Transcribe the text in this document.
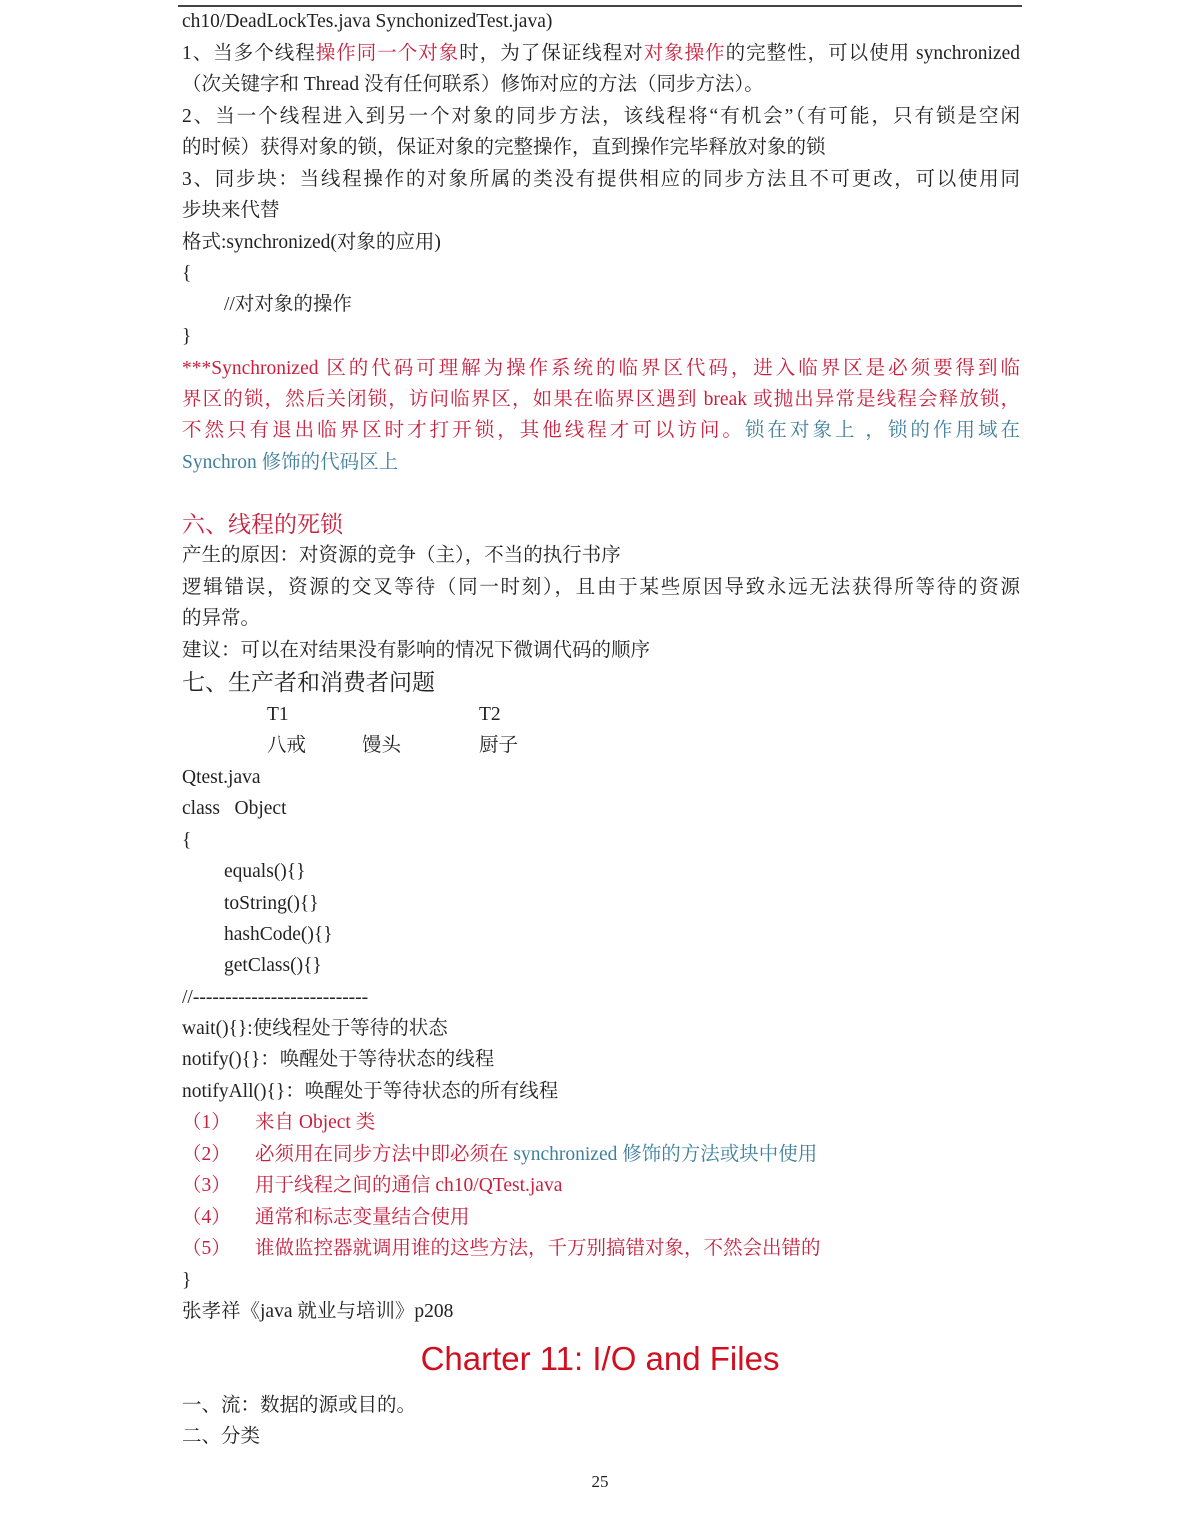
ch10/DeadLockTes.java SynchonizedTest.java)
1、当多个线程操作同一个对象时，为了保证线程对对象操作的完整性，可以使用 synchronized
（次关键字和 Thread 没有任何联系）修饰对应的方法（同步方法）。
2、当一个线程进入到另一个对象的同步方法，该线程将“有机会”（有可能，只有锁是空闲
的时候）获得对象的锁，保证对象的完整操作，直到操作完毕释放对象的锁
3、同步块：当线程操作的对象所属的类没有提供相应的同步方法且不可更改，可以使用同
步块来代替
格式:synchronized(对象的应用)
{
//对对象的操作
}
***Synchronized 区的代码可理解为操作系统的临界区代码，进入临界区是必须要得到临
界区的锁，然后关闭锁，访问临界区，如果在临界区遇到 break 或抛出异常是线程会释放锁，
不然只有退出临界区时才打开锁，其他线程才可以访问。锁在对象上 ，锁的作用域在
Synchron 修饰的代码区上
六、线程的死锁
产生的原因：对资源的竞争（主），不当的执行书序
逻辑错误，资源的交叉等待（同一时刻），且由于某些原因导致永远无法获得所等待的资源
的异常。
建议：可以在对结果没有影响的情况下微调代码的顺序
七、生产者和消费者问题
T1	T2
八戒	馒头	厨子
Qtest.java
class   Object
{
equals(){}
toString(){}
hashCode(){}
getClass(){}
//---------------------------
wait(){}:使线程处于等待的状态
notify(){}：唤醒处于等待状态的线程
notifyAll(){}：唤醒处于等待状态的所有线程
（1） 来自 Object 类
（2） 必须用在同步方法中即必须在 synchronized 修饰的方法或块中使用
（3） 用于线程之间的通信 ch10/QTest.java
（4） 通常和标志变量结合使用
（5） 谁做监控器就调用谁的这些方法，千万别搞错对象，不然会出错的
}
张孝祥《java 就业与培训》p208
Charter 11: I/O and Files
一、流：数据的源或目的。
二、分类
25
